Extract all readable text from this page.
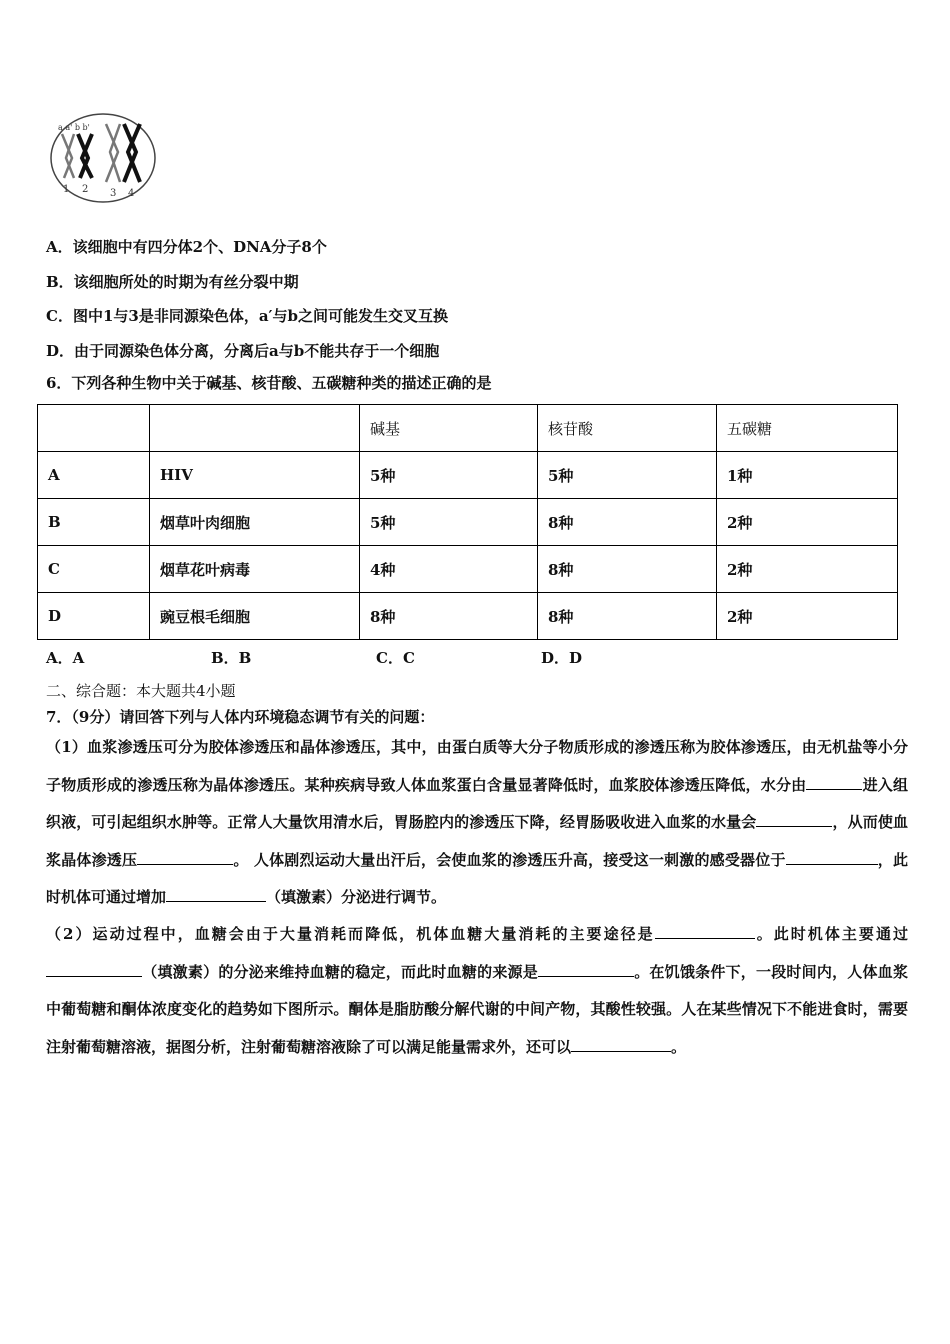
a a' b b'
1 2 3 4
A．该细胞中有四分体2个、DNA分子8个
B．该细胞所处的时期为有丝分裂中期
C．图中1与3是非同源染色体，a′与b之间可能发生交叉互换
D．由于同源染色体分离，分离后a与b不能共存于一个细胞
6．下列各种生物中关于碱基、核苷酸、五碳糖种类的描述正确的是
		碱基	核苷酸	五碳糖
A	HIV	5种	5种	1种
B	烟草叶肉细胞	5种	8种	2种
C	烟草花叶病毒	4种	8种	2种
D	豌豆根毛细胞	8种	8种	2种
A．A	B．B	C．C	D．D
二、综合题：本大题共4小题
7．（9分）请回答下列与人体内环境稳态调节有关的问题：
（1）血浆渗透压可分为胶体渗透压和晶体渗透压，其中，由蛋白质等大分子物质形成的渗透压称为胶体渗透压，由无机盐等小分子物质形成的渗透压称为晶体渗透压。某种疾病导致人体血浆蛋白含量显著降低时，血浆胶体渗透压降低，水分由	进入组织液，可引起组织水肿等。正常人大量饮用清水后，胃肠腔内的渗透压下降，经胃肠吸收进入血浆的水量会	，从而使血浆晶体渗透压	。 人体剧烈运动大量出汗后，会使血浆的渗透压升高，接受这一刺激的感受器位于	，此时机体可通过增加	（填激素）分泌进行调节。
（2）运动过程中，血糖会由于大量消耗而降低，机体血糖大量消耗的主要途径是	。此时机体主要通过（填激素）的分泌来维持血糖的稳定，而此时血糖的来源是	。在饥饿条件下，一段时间内，人体血浆中葡萄糖和酮体浓度变化的趋势如下图所示。酮体是脂肪酸分解代谢的中间产物，其酸性较强。人在某些情况下不能进食时，需要注射葡萄糖溶液，据图分析，注射葡萄糖溶液除了可以满足能量需求外，还可以	。
